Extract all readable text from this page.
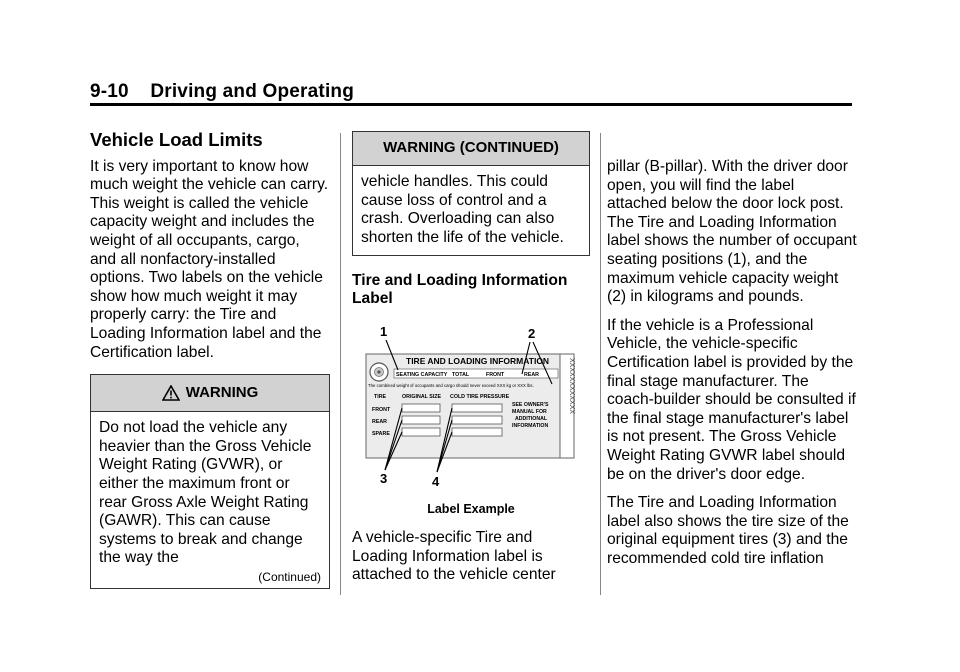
9-10 Driving and Operating
Vehicle Load Limits

It is very important to know how much weight the vehicle can carry. This weight is called the vehicle capacity weight and includes the weight of all occupants, cargo, and all nonfactory-installed options. Two labels on the vehicle show how much weight it may properly carry: the Tire and Loading Information label and the Certification label.

WARNING
Do not load the vehicle any heavier than the Gross Vehicle Weight Rating (GVWR), or either the maximum front or rear Gross Axle Weight Rating (GAWR). This can cause systems to break and change the way the
(Continued)
WARNING (CONTINUED)
vehicle handles. This could cause loss of control and a crash. Overloading can also shorten the life of the vehicle.
Tire and Loading Information Label
1	2
3	4
XXXXXXXXXXXX
TIRE AND LOADING INFORMATION
SEATING CAPACITY TOTAL	FRONT	REAR
The combined weight of occupants and cargo should never exceed XXX kg or XXX lbs.
TIRE	ORIGINAL SIZE COLD TIRE PRESSURE
FRONT
REAR
SPARE
SEE OWNER'S
MANUAL FOR
ADDITIONAL
INFORMATION
Label Example

A vehicle-specific Tire and Loading Information label is attached to the vehicle center

pillar (B-pillar). With the driver door open, you will find the label attached below the door lock post. The Tire and Loading Information label shows the number of occupant seating positions (1), and the maximum vehicle capacity weight (2) in kilograms and pounds.

If the vehicle is a Professional Vehicle, the vehicle-specific Certification label is provided by the final stage manufacturer. The coach-builder should be consulted if the final stage manufacturer's label is not present. The Gross Vehicle Weight Rating GVWR label should be on the driver's door edge.

The Tire and Loading Information label also shows the tire size of the original equipment tires (3) and the recommended cold tire inflation
